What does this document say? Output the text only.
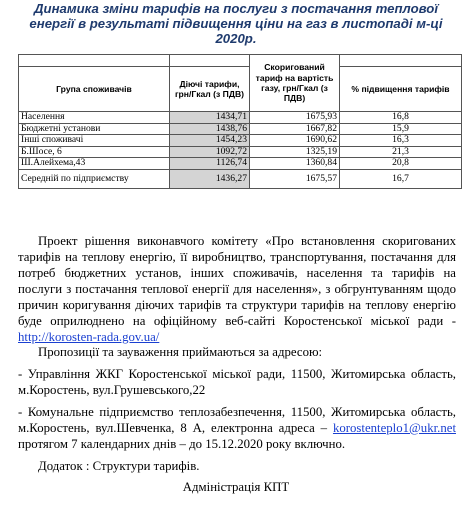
Динамика зміни тарифів на послуги з постачання теплової енергії в результаті підвищення ціни на газ в листопаді м-ці 2020р.
		Скоригований тариф на вартість газу, грн/Гкал (з ПДВ)	
Група споживачів	Діючі тарифи, грн/Гкал (з ПДВ)		% підвищення тарифів
Населення	1434,71	1675,93	16,8
Бюджетні установи	1438,76	1667,82	15,9
Інші споживачі	1454,23	1690,62	16,3
Б.Шосе, 6	1092,72	1325,19	21,3
Ш.Алейхема,43	1126,74	1360,84	20,8
Середній по підприємству	1436,27	1675,57	16,7

Проект рішення виконавчого комітету «Про встановлення скоригованих тарифів на теплову енергію, її виробництво, транспортування, постачання для потреб бюджетних установ, інших споживачів, населення та тарифів на послуги з постачання теплової енергії для населення», з обгрунтуванням щодо причин коригування діючих тарифів та структури тарифів на теплову енергію буде оприлюднено на офіційному веб-сайті Коростенської міської ради - http://korosten-rada.gov.ua/

Пропозиції та зауваження приймаються за адресою:

- Управління ЖКГ Коростенської міської ради, 11500, Житомирська область, м.Коростень, вул.Грушевського,22

- Комунальне підприємство теплозабезпечення, 11500, Житомирська область, м.Коростень, вул.Шевченка, 8 А, електронна адреса – korostenteplo1@ukr.net протягом 7 календарних днів – до 15.12.2020 року включно.

Додаток : Структури тарифів.

Адміністрація КПТ
